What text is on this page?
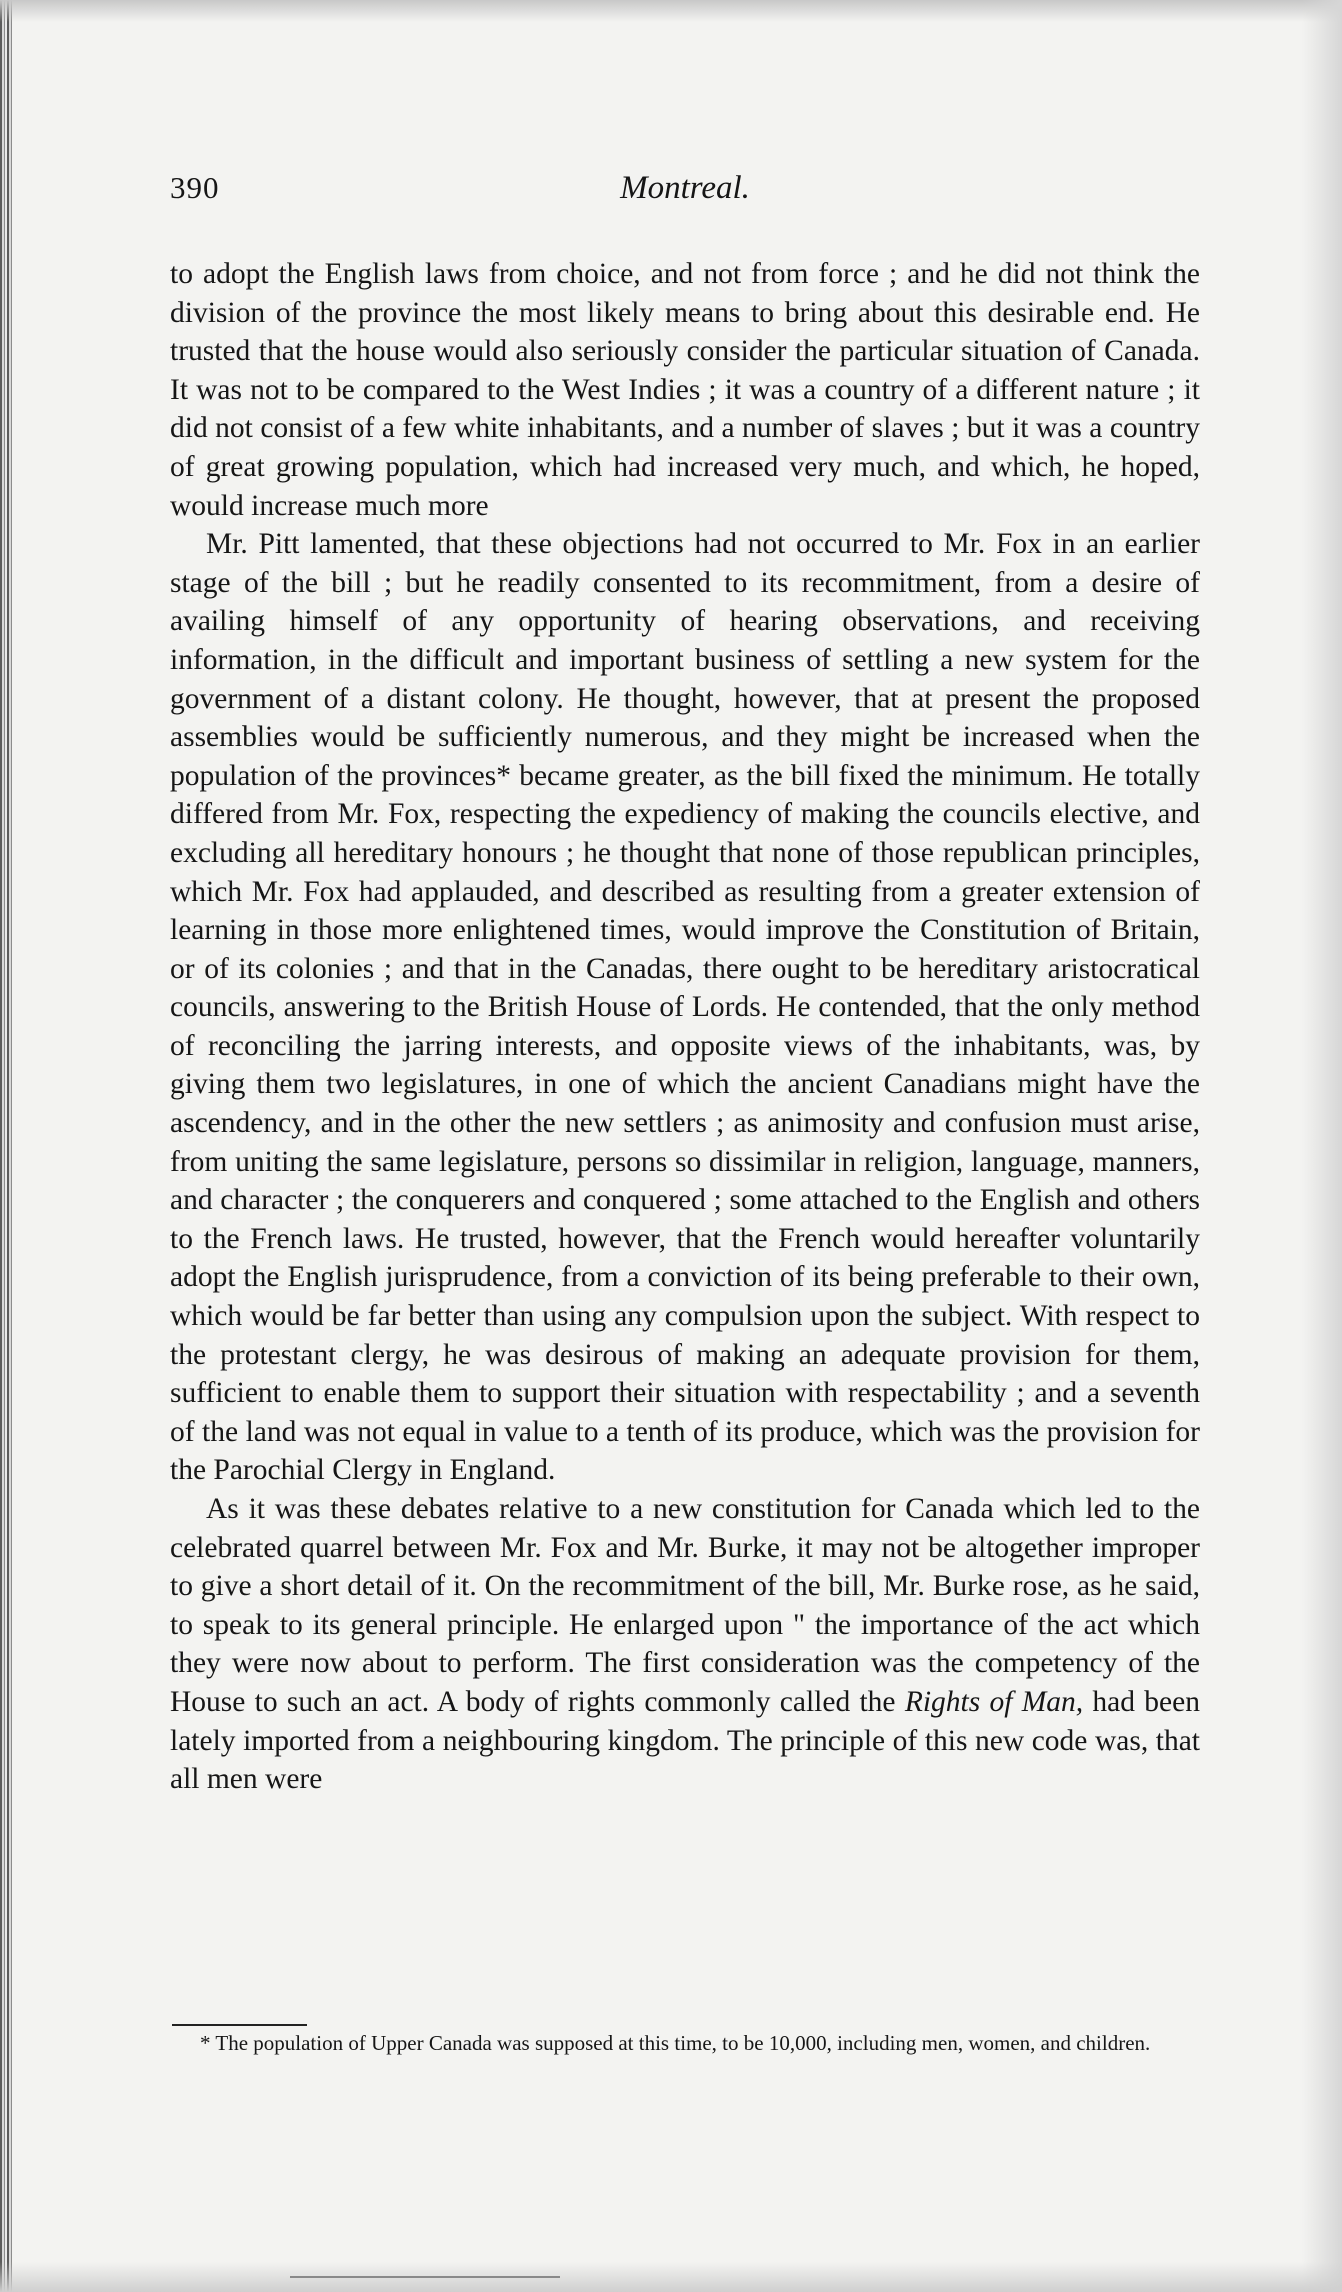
390	Montreal.

to adopt the English laws from choice, and not from force ; and he did not think the division of the province the most likely means to bring about this desirable end. He trusted that the house would also seriously consider the particular situation of Canada. It was not to be compared to the West Indies ; it was a country of a different nature ; it did not consist of a few white inhabitants, and a number of slaves ; but it was a country of great growing population, which had increased very much, and which, he hoped, would increase much more

Mr. Pitt lamented, that these objections had not occurred to Mr. Fox in an earlier stage of the bill ; but he readily consented to its recommitment, from a desire of availing himself of any opportunity of hearing observations, and receiving information, in the difficult and important business of settling a new system for the government of a distant colony. He thought, however, that at present the proposed assemblies would be sufficiently numerous, and they might be increased when the population of the provinces* became greater, as the bill fixed the minimum. He totally differed from Mr. Fox, respecting the expediency of making the councils elective, and excluding all hereditary honours ; he thought that none of those republican principles, which Mr. Fox had applauded, and described as resulting from a greater extension of learning in those more enlightened times, would improve the Constitution of Britain, or of its colonies ; and that in the Canadas, there ought to be hereditary aristocratical councils, answering to the British House of Lords. He contended, that the only method of reconciling the jarring interests, and opposite views of the inhabitants, was, by giving them two legislatures, in one of which the ancient Canadians might have the ascendency, and in the other the new settlers ; as animosity and confusion must arise, from uniting the same legislature, persons so dissimilar in religion, language, manners, and character ; the conquerers and conquered ; some attached to the English and others to the French laws. He trusted, however, that the French would hereafter voluntarily adopt the English jurisprudence, from a conviction of its being preferable to their own, which would be far better than using any compulsion upon the subject. With respect to the protestant clergy, he was desirous of making an adequate provision for them, sufficient to enable them to support their situation with respectability ; and a seventh of the land was not equal in value to a tenth of its produce, which was the provision for the Parochial Clergy in England.

As it was these debates relative to a new constitution for Canada which led to the celebrated quarrel between Mr. Fox and Mr. Burke, it may not be altogether improper to give a short detail of it. On the recommitment of the bill, Mr. Burke rose, as he said, to speak to its general principle. He enlarged upon " the importance of the act which they were now about to perform. The first consideration was the competency of the House to such an act. A body of rights commonly called the Rights of Man, had been lately imported from a neighbouring kingdom. The principle of this new code was, that all men were

* The population of Upper Canada was supposed at this time, to be 10,000, including men, women, and children.
